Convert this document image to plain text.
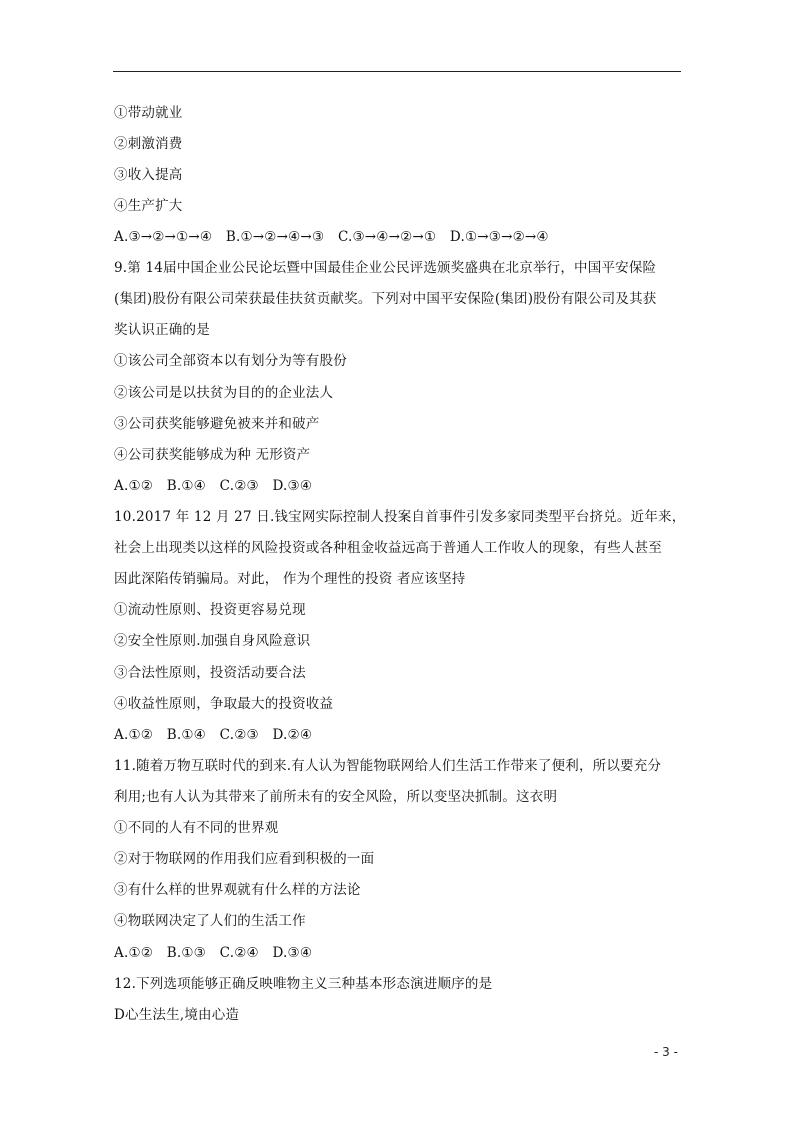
①带动就业
②刺激消费
③收入提高
④生产扩大
A.③→②→①→④　B.①→②→④→③　C.③→④→②→①　D.①→③→②→④
9.第 14届中国企业公民论坛暨中国最佳企业公民评选颁奖盛典在北京举行，中国平安保险
(集团)股份有限公司荣获最佳扶贫贡献奖。下列对中国平安保险(集团)股份有限公司及其获
奖认识正确的是
①该公司全部资本以有划分为等有股份
②该公司是以扶贫为目的的企业法人
③公司获奖能够避免被来并和破产
④公司获奖能够成为种 无形资产
A.①②　B.①④　C.②③　D.③④
10.2017 年 12 月 27 日.钱宝网实际控制人投案自首事件引发多家同类型平台挤兑。近年来，
社会上出现类以这样的风险投资或各种租金收益远高于普通人工作收人的现象，有些人甚至
因此深陷传销骗局。对此， 作为个理性的投资 者应该坚持
①流动性原则、投资更容易兑现
②安全性原则.加强自身风险意识
③合法性原则，投资活动要合法
④收益性原则，争取最大的投资收益
A.①②　B.①④　C.②③　D.②④
11.随着万物互联时代的到来.有人认为智能物联网给人们生活工作带来了便利，所以要充分
利用;也有人认为其带来了前所未有的安全风险，所以变坚决抓制。这衣明
①不同的人有不同的世界观
②对于物联网的作用我们应看到积极的一面
③有什么样的世界观就有什么样的方法论
④物联网决定了人们的生活工作
A.①②　B.①③　C.②④　D.③④
12.下列选项能够正确反映唯物主义三种基本形态演进顺序的是
D心生法生,境由心造
- 3 -
